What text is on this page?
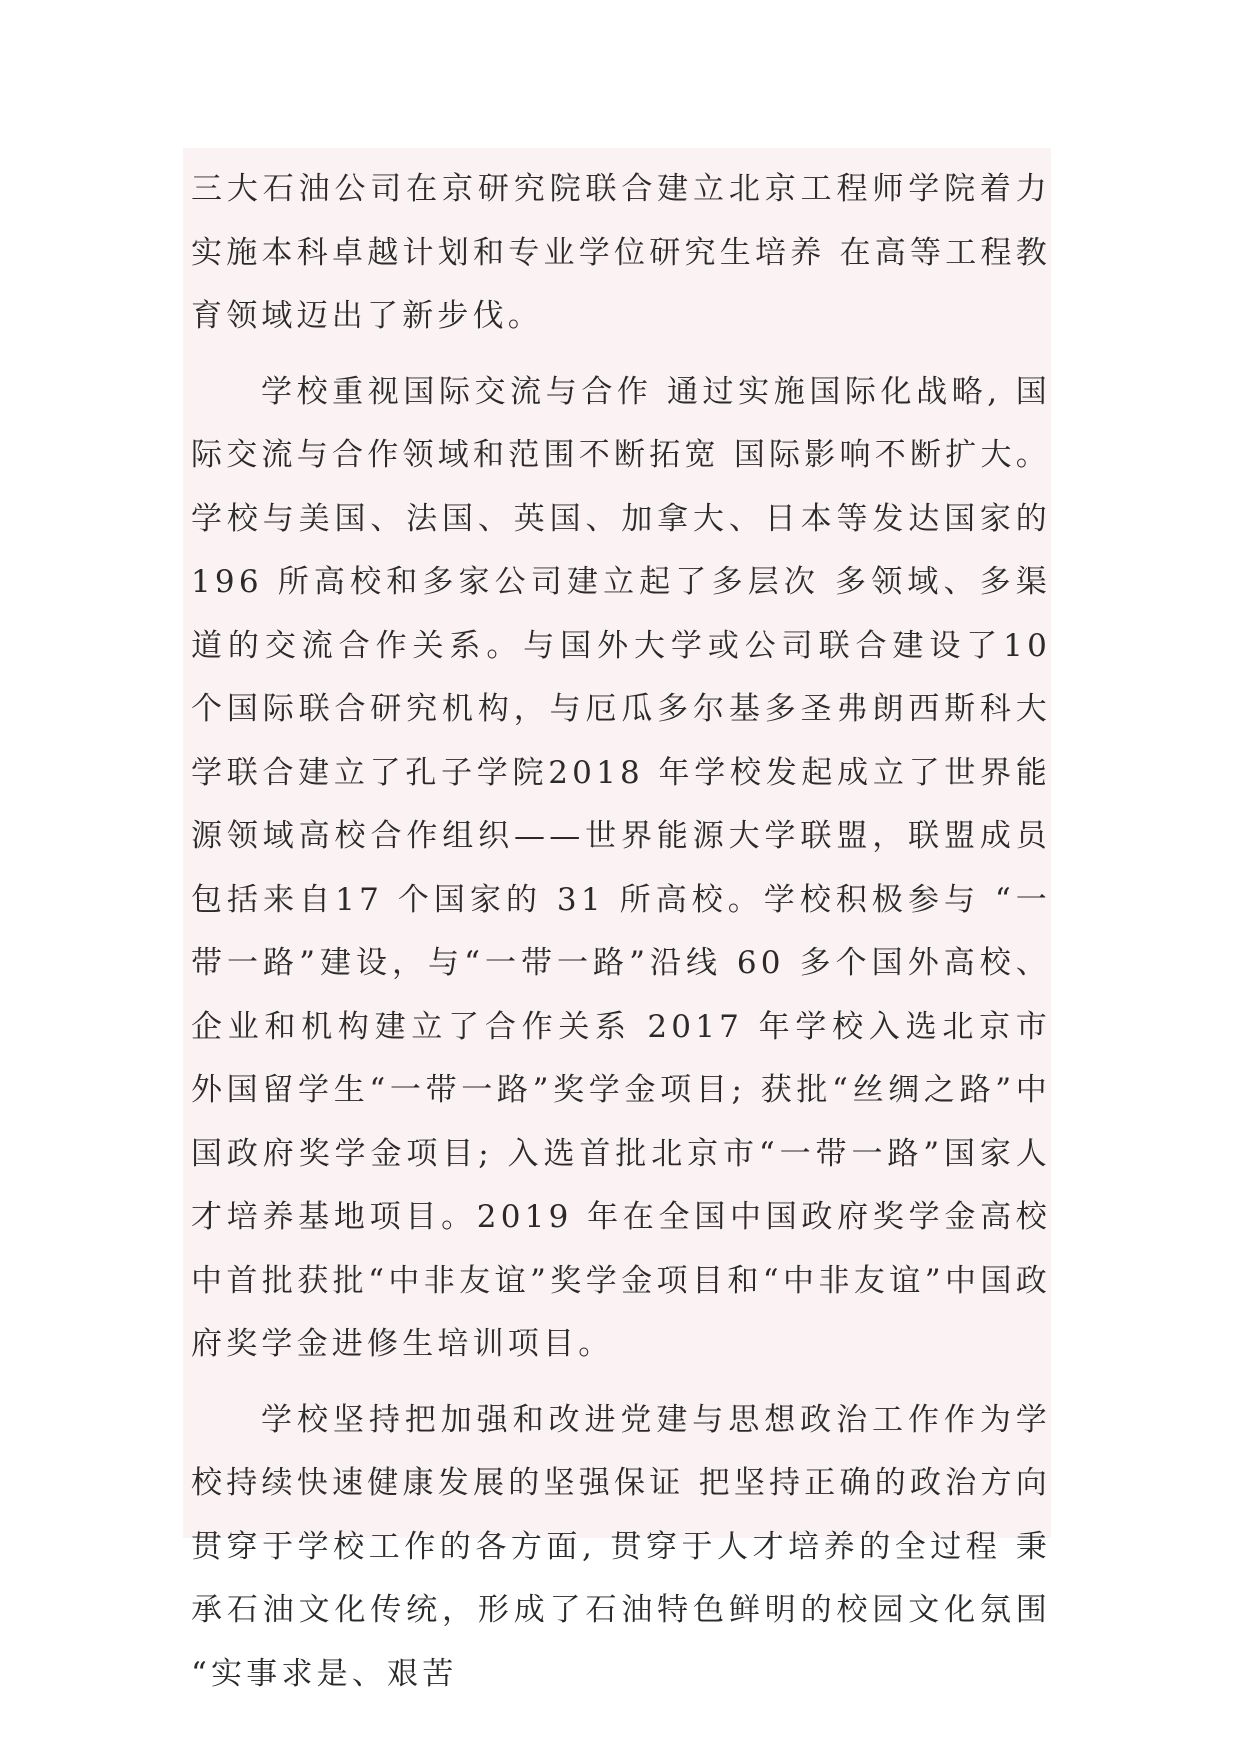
三大石油公司在京研究院联合建立北京工程师学院着力实施本科卓越计划和专业学位研究生培养 在高等工程教育领域迈出了新步伐。

学校重视国际交流与合作 通过实施国际化战略, 国际交流与合作领域和范围不断拓宽 国际影响不断扩大。学校与美国、法国、英国、加拿大、日本等发达国家的196 所高校和多家公司建立起了多层次 多领域、多渠道的交流合作关系。与国外大学或公司联合建设了10 个国际联合研究机构，与厄瓜多尔基多圣弗朗西斯科大学联合建立了孔子学院2018 年学校发起成立了世界能源领域高校合作组织——世界能源大学联盟，联盟成员包括来自17 个国家的 31 所高校。学校积极参与 “一带一路”建设，与“一带一路”沿线 60 多个国外高校、企业和机构建立了合作关系 2017 年学校入选北京市外国留学生“一带一路”奖学金项目; 获批“丝绸之路”中国政府奖学金项目; 入选首批北京市“一带一路”国家人才培养基地项目。2019 年在全国中国政府奖学金高校中首批获批“中非友谊”奖学金项目和“中非友谊”中国政府奖学金进修生培训项目。

学校坚持把加强和改进党建与思想政治工作作为学校持续快速健康发展的坚强保证 把坚持正确的政治方向贯穿于学校工作的各方面, 贯穿于人才培养的全过程 秉承石油文化传统，形成了石油特色鲜明的校园文化氛围 “实事求是、艰苦
